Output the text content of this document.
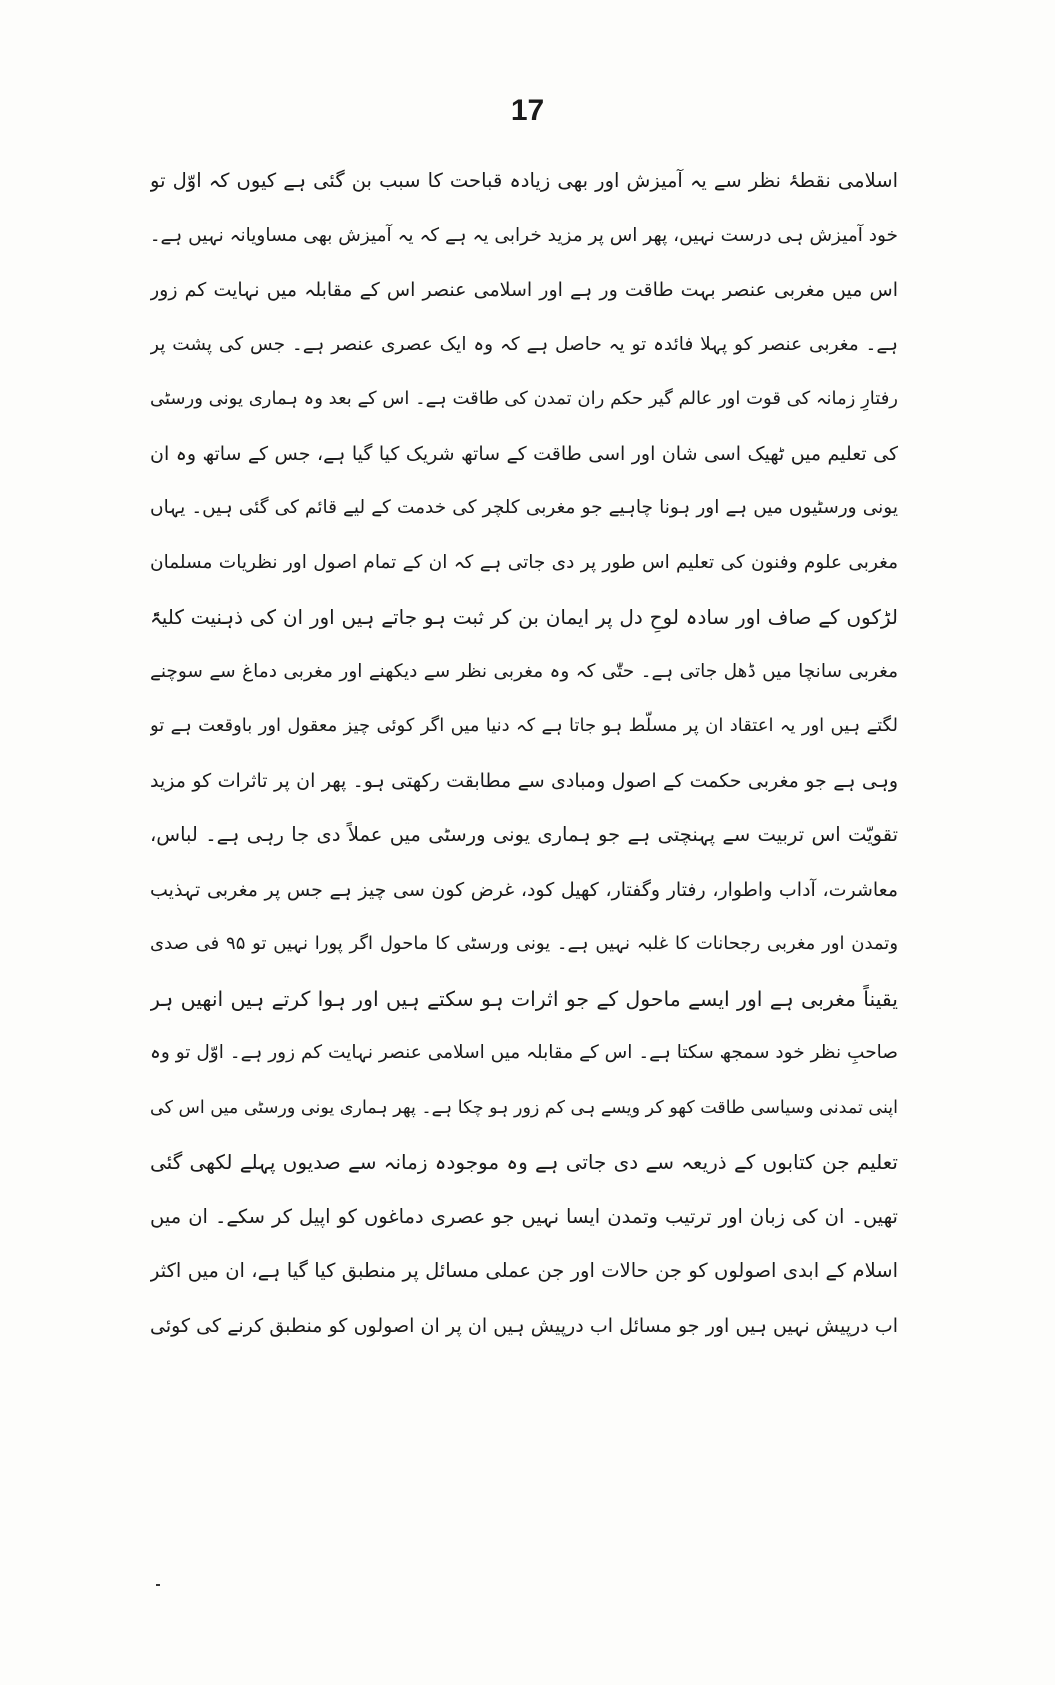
17
اسلامی نقطۂ نظر سے یہ آمیزش اور بھی زیادہ قباحت کا سبب بن گئی ہے کیوں کہ اوّل تو
خود آمیزش ہی درست نہیں، پھر اس پر مزید خرابی یہ ہے کہ یہ آمیزش بھی مساویانہ نہیں ہے۔
اس میں مغربی عنصر بہت طاقت ور ہے اور اسلامی عنصر اس کے مقابلہ میں نہایت کم زور
ہے۔ مغربی عنصر کو پہلا فائدہ تو یہ حاصل ہے کہ وہ ایک عصری عنصر ہے۔ جس کی پشت پر
رفتارِ زمانہ کی قوت اور عالم گیر حکم ران تمدن کی طاقت ہے۔ اس کے بعد وہ ہماری یونی ورسٹی
کی تعلیم میں ٹھیک اسی شان اور اسی طاقت کے ساتھ شریک کیا گیا ہے، جس کے ساتھ وہ ان
یونی ورسٹیوں میں ہے اور ہونا چاہیے جو مغربی کلچر کی خدمت کے لیے قائم کی گئی ہیں۔ یہاں
مغربی علوم وفنون کی تعلیم اس طور پر دی جاتی ہے کہ ان کے تمام اصول اور نظریات مسلمان
لڑکوں کے صاف اور سادہ لوحِ دل پر ایمان بن کر ثبت ہو جاتے ہیں اور ان کی ذہنیت کلیۃً
مغربی سانچا میں ڈھل جاتی ہے۔ حتّٰی کہ وہ مغربی نظر سے دیکھنے اور مغربی دماغ سے سوچنے
لگتے ہیں اور یہ اعتقاد ان پر مسلّط ہو جاتا ہے کہ دنیا میں اگر کوئی چیز معقول اور باوقعت ہے تو
وہی ہے جو مغربی حکمت کے اصول ومبادی سے مطابقت رکھتی ہو۔ پھر ان پر تاثرات کو مزید
تقویّت اس تربیت سے پہنچتی ہے جو ہماری یونی ورسٹی میں عملاً دی جا رہی ہے۔ لباس،
معاشرت، آداب واطوار، رفتار وگفتار، کھیل کود، غرض کون سی چیز ہے جس پر مغربی تہذیب
وتمدن اور مغربی رجحانات کا غلبہ نہیں ہے۔ یونی ورسٹی کا ماحول اگر پورا نہیں تو ۹۵ فی صدی
یقیناً مغربی ہے اور ایسے ماحول کے جو اثرات ہو سکتے ہیں اور ہوا کرتے ہیں انھیں ہر
صاحبِ نظر خود سمجھ سکتا ہے۔ اس کے مقابلہ میں اسلامی عنصر نہایت کم زور ہے۔ اوّل تو وہ
اپنی تمدنی وسیاسی طاقت کھو کر ویسے ہی کم زور ہو چکا ہے۔ پھر ہماری یونی ورسٹی میں اس کی
تعلیم جن کتابوں کے ذریعہ سے دی جاتی ہے وہ موجودہ زمانہ سے صدیوں پہلے لکھی گئی
تھیں۔ ان کی زبان اور ترتیب وتمدن ایسا نہیں جو عصری دماغوں کو اپیل کر سکے۔ ان میں
اسلام کے ابدی اصولوں کو جن حالات اور جن عملی مسائل پر منطبق کیا گیا ہے، ان میں اکثر
اب درپیش نہیں ہیں اور جو مسائل اب درپیش ہیں ان پر ان اصولوں کو منطبق کرنے کی کوئی
